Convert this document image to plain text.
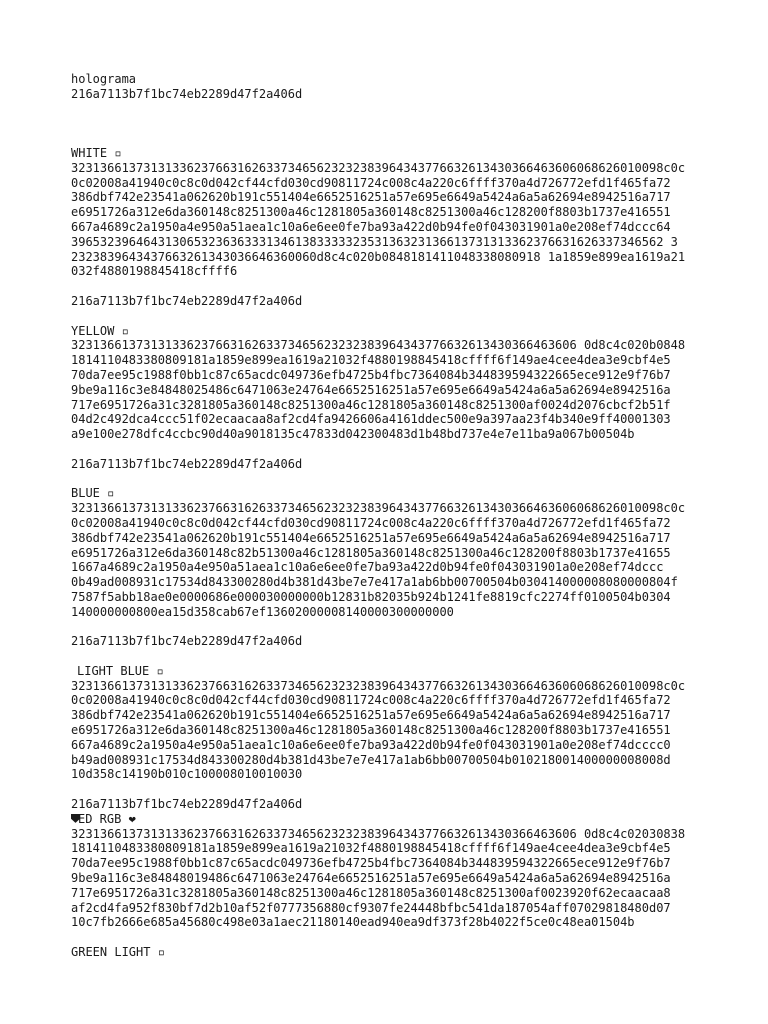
holograma
216a7113b7f1bc74eb2289d47f2a406d
WHITE ▫
3231366137313133623766316263373465623232383964343776632613430366463606068626010098c0c
0c02008a41940c0c8c0d042cf44cfd030cd90811724c008c4a220c6ffff370a4d726772efd1f465fa72
386dbf742e23541a062620b191c551404e6652516251a57e695e6649a5424a6a5a62694e8942516a717
e6951726a312e6da360148c8251300a46c1281805a360148c8251300a46c128200f8803b1737e416551
667a4689c2a1950a4e950a51aea1c10a6e6ee0fe7ba93a422d0b94fe0f043031901a0e208ef74dccc64
3965323964643130653236363331346138333332353136323136613731313362376631626337346562 3
2323839643437663261343036646360060d8c4c020b0848181411048338080918 1a1859e899ea1619a21
032f4880198845418cffff6
216a7113b7f1bc74eb2289d47f2a406d
YELLOW ▫
3231366137313133623766316263373465623232383964343776632613430366463606 0d8c4c020b0848
1814110483380809181a1859e899ea1619a21032f4880198845418cffff6f149ae4cee4dea3e9cbf4e5
70da7ee95c1988f0bb1c87c65acdc049736efb4725b4fbc7364084b344839594322665ece912e9f76b7
9be9a116c3e84848025486c6471063e24764e6652516251a57e695e6649a5424a6a5a62694e8942516a
717e6951726a31c3281805a360148c8251300a46c1281805a360148c8251300af0024d2076cbcf2b51f
04d2c492dca4ccc51f02ecaacaa8af2cd4fa9426606a4161ddec500e9a397aa23f4b340e9ff40001303
a9e100e278dfc4ccbc90d40a9018135c47833d042300483d1b48bd737e4e7e11ba9a067b00504b
216a7113b7f1bc74eb2289d47f2a406d
BLUE ▫
3231366137313133623766316263373465623232383964343776632613430366463606068626010098c0c
0c02008a41940c0c8c0d042cf44cfd030cd90811724c008c4a220c6ffff370a4d726772efd1f465fa72
386dbf742e23541a062620b191c551404e6652516251a57e695e6649a5424a6a5a62694e8942516a717
e6951726a312e6da360148c82b51300a46c1281805a360148c8251300a46c128200f8803b1737e41655
1667a4689c2a1950a4e950a51aea1c10a6e6ee0fe7ba93a422d0b94fe0f043031901a0e208ef74dccc
0b49ad008931c17534d843300280d4b381d43be7e7e417a1ab6bb00700504b030414000008080000804f
7587f5abb18ae0e0000686e000030000000b12831b82035b924b1241fe8819cfc2274ff0100504b0304
140000000800ea15d358cab67ef13602000008140000300000000
216a7113b7f1bc74eb2289d47f2a406d
LIGHT BLUE ▫
3231366137313133623766316263373465623232383964343776632613430366463606068626010098c0c
0c02008a41940c0c8c0d042cf44cfd030cd90811724c008c4a220c6ffff370a4d726772efd1f465fa72
386dbf742e23541a062620b191c551404e6652516251a57e695e6649a5424a6a5a62694e8942516a717
e6951726a312e6da360148c8251300a46c1281805a360148c8251300a46c128200f8803b1737e416551
667a4689c2a1950a4e950a51aea1c10a6e6ee0fe7ba93a422d0b94fe0f043031901a0e208ef74dcccc0
b49ad008931c17534d843300280d4b381d43be7e7e417a1ab6bb00700504b010218001400000008008d
10d358c14190b010c100008010010030
216a7113b7f1bc74eb2289d47f2a406d
ED RGB ❤
3231366137313133623766316263373465623232383964343776632613430366463606 0d8c4c02030838
1814110483380809181a1859e899ea1619a21032f4880198845418cffff6f149ae4cee4dea3e9cbf4e5
70da7ee95c1988f0bb1c87c65acdc049736efb4725b4fbc7364084b344839594322665ece912e9f76b7
9be9a116c3e84848019486c6471063e24764e6652516251a57e695e6649a5424a6a5a62694e8942516a
717e6951726a31c3281805a360148c8251300a46c1281805a360148c8251300af0023920f62ecaacaa8
af2cd4fa952f830bf7d2b10af52f0777356880cf9307fe24448bfbc541da187054aff07029818480d07
10c7fb2666e685a45680c498e03a1aec21180140ead940ea9df373f28b4022f5ce0c48ea01504b
GREEN LIGHT ▫
